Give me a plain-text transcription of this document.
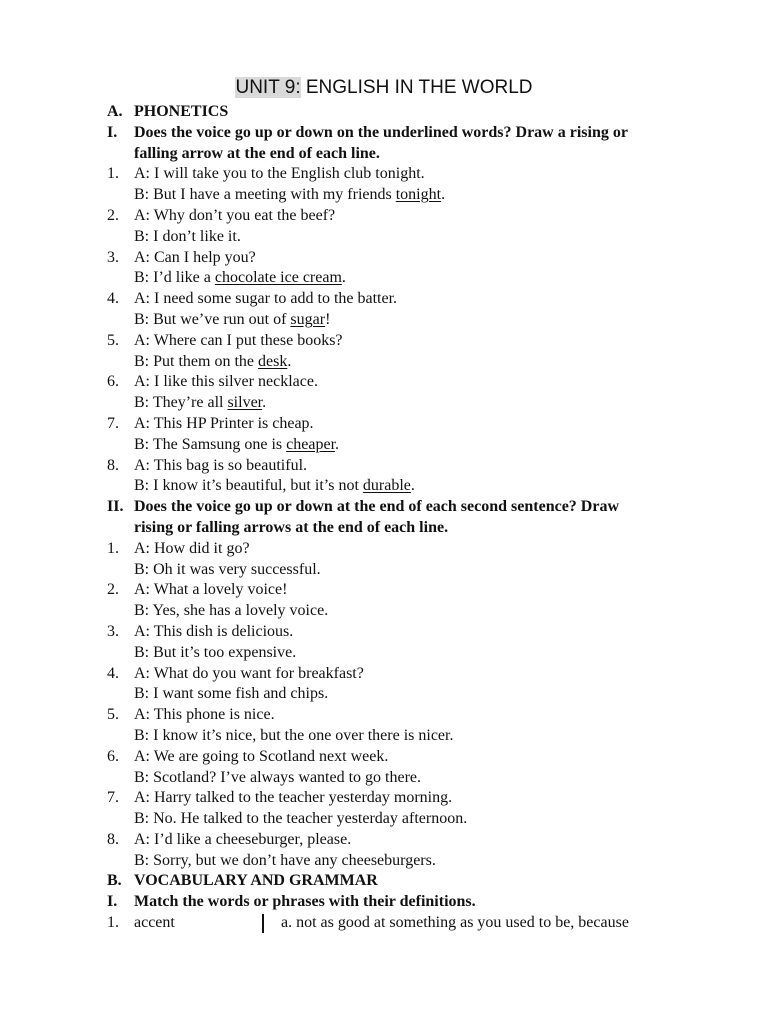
UNIT 9: ENGLISH IN THE WORLD
A. PHONETICS
I. Does the voice go up or down on the underlined words? Draw a rising or
falling arrow at the end of each line.
1. A: I will take you to the English club tonight.
B: But I have a meeting with my friends tonight.
2. A: Why don’t you eat the beef?
B: I don’t like it.
3. A: Can I help you?
B: I’d like a chocolate ice cream.
4. A: I need some sugar to add to the batter.
B: But we’ve run out of sugar!
5. A: Where can I put these books?
B: Put them on the desk.
6. A: I like this silver necklace.
B: They’re all silver.
7. A: This HP Printer is cheap.
B: The Samsung one is cheaper.
8. A: This bag is so beautiful.
B: I know it’s beautiful, but it’s not durable.
II. Does the voice go up or down at the end of each second sentence? Draw
rising or falling arrows at the end of each line.
1. A: How did it go?
B: Oh it was very successful.
2. A: What a lovely voice!
B: Yes, she has a lovely voice.
3. A: This dish is delicious.
B: But it’s too expensive.
4. A: What do you want for breakfast?
B: I want some fish and chips.
5. A: This phone is nice.
B: I know it’s nice, but the one over there is nicer.
6. A: We are going to Scotland next week.
B: Scotland? I’ve always wanted to go there.
7. A: Harry talked to the teacher yesterday morning.
B: No. He talked to the teacher yesterday afternoon.
8. A: I’d like a cheeseburger, please.
B: Sorry, but we don’t have any cheeseburgers.
B. VOCABULARY AND GRAMMAR
I. Match the words or phrases with their definitions.
1. accent	a. not as good at something as you used to be, because
